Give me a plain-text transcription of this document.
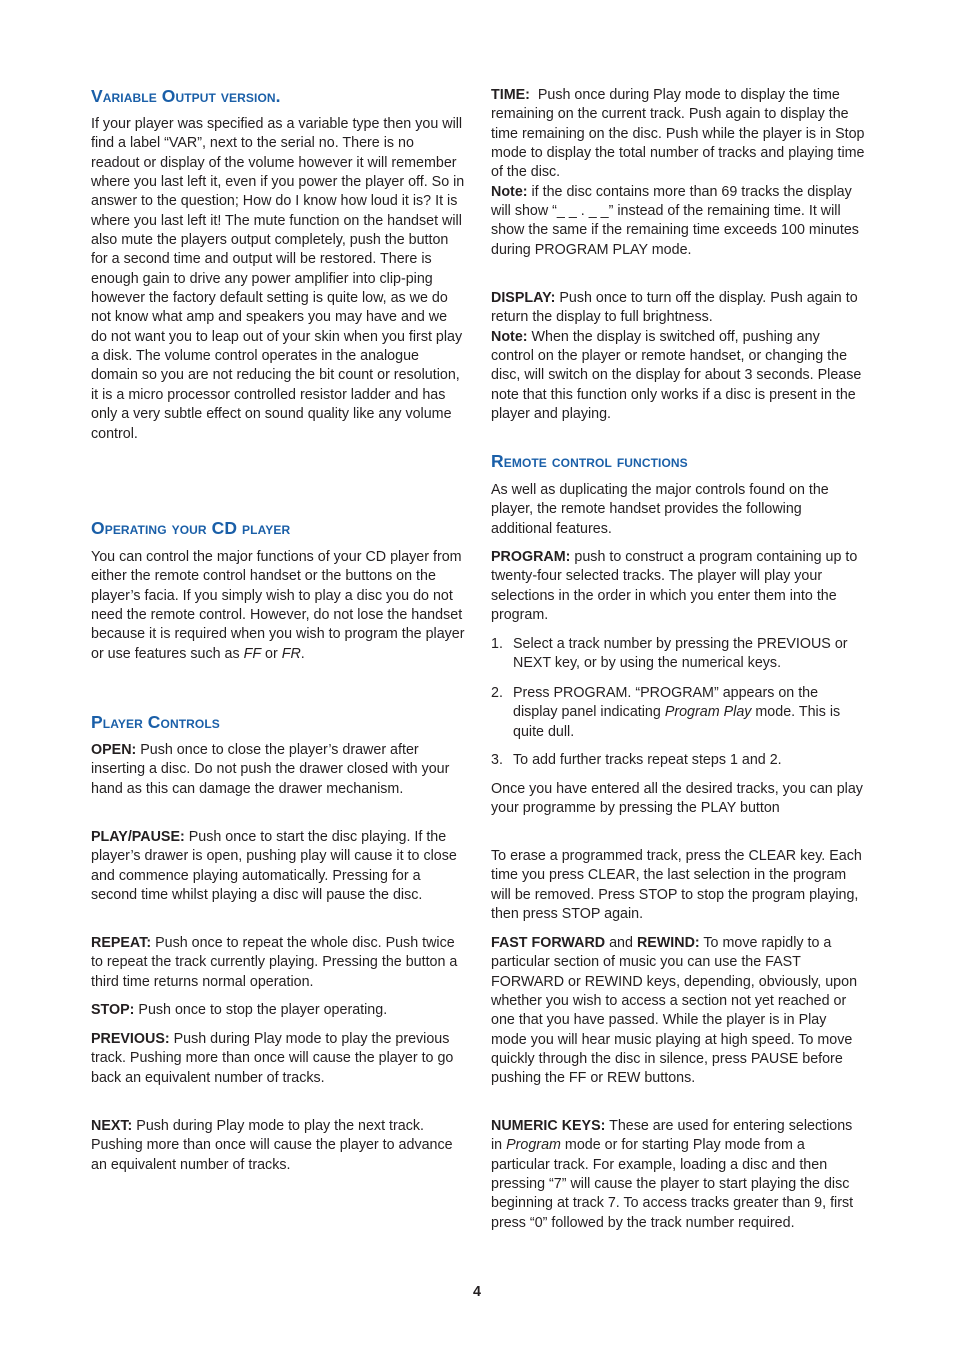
Variable Output version.

If your player was specified as a variable type then you will find a label “VAR”, next to the serial no. There is no readout or display of the volume however it will remember where you last left it, even if you power the player off. So in answer to the question; How do I know how loud it is? It is where you last left it! The mute function on the handset will also mute the players output completely, push the button for a second time and output will be restored. There is enough gain to drive any power amplifier into clip-ping however the factory default setting is quite low, as we do not know what amp and speakers you may have and we do not want you to leap out of your skin when you first play a disk. The volume control operates in the analogue domain so you are not reducing the bit count or resolution, it is a micro processor controlled resistor ladder and has only a very subtle effect on sound quality like any volume control.

Operating your CD player

You can control the major functions of your CD player from either the remote control handset or the buttons on the player’s facia. If you simply wish to play a disc you do not need the remote control. However, do not lose the handset because it is required when you wish to program the player or use features such as FF or FR.

Player Controls

OPEN: Push once to close the player’s drawer after inserting a disc. Do not push the drawer closed with your hand as this can damage the drawer mechanism.

PLAY/PAUSE: Push once to start the disc playing. If the player’s drawer is open, pushing play will cause it to close and commence playing automatically. Pressing for a second time whilst playing a disc will pause the disc.

REPEAT: Push once to repeat the whole disc. Push twice to repeat the track currently playing. Pressing the button a third time returns normal operation.

STOP: Push once to stop the player operating.

PREVIOUS: Push during Play mode to play the previous track. Pushing more than once will cause the player to go back an equivalent number of tracks.

NEXT: Push during Play mode to play the next track. Pushing more than once will cause the player to advance an equivalent number of tracks.

TIME:  Push once during Play mode to display the time remaining on the current track. Push again to display the time remaining on the disc. Push while the player is in Stop mode to display the total number of tracks and playing time of the disc.
Note: if the disc contains more than 69 tracks the display will show “_ _ . _ _” instead of the remaining time. It will show the same if the remaining time exceeds 100 minutes during PROGRAM PLAY mode.

DISPLAY: Push once to turn off the display. Push again to return the display to full brightness.
Note: When the display is switched off, pushing any control on the player or remote handset, or changing the disc, will switch on the display for about 3 seconds. Please note that this function only works if a disc is present in the player and playing.

Remote control functions

As well as duplicating the major controls found on the player, the remote handset provides the following additional features.

PROGRAM: push to construct a program containing up to twenty-four selected tracks. The player will play your selections in the order in which you enter them into the program.

1. Select a track number by pressing the PREVIOUS or NEXT key, or by using the numerical keys.
2. Press PROGRAM. “PROGRAM” appears on the display panel indicating Program Play mode. This is quite dull.
3. To add further tracks repeat steps 1 and 2.

Once you have entered all the desired tracks, you can play your programme by pressing the PLAY button

To erase a programmed track, press the CLEAR key. Each time you press CLEAR, the last selection in the program will be removed. Press STOP to stop the program playing, then press STOP again.

FAST FORWARD and REWIND: To move rapidly to a particular section of music you can use the FAST FORWARD or REWIND keys, depending, obviously, upon whether you wish to access a section not yet reached or one that you have passed. While the player is in Play mode you will hear music playing at high speed. To move quickly through the disc in silence, press PAUSE before pushing the FF or REW buttons.

NUMERIC KEYS: These are used for entering selections in Program mode or for starting Play mode from a particular track. For example, loading a disc and then pressing “7” will cause the player to start playing the disc beginning at track 7. To access tracks greater than 9, first press “0” followed by the track number required.

4
